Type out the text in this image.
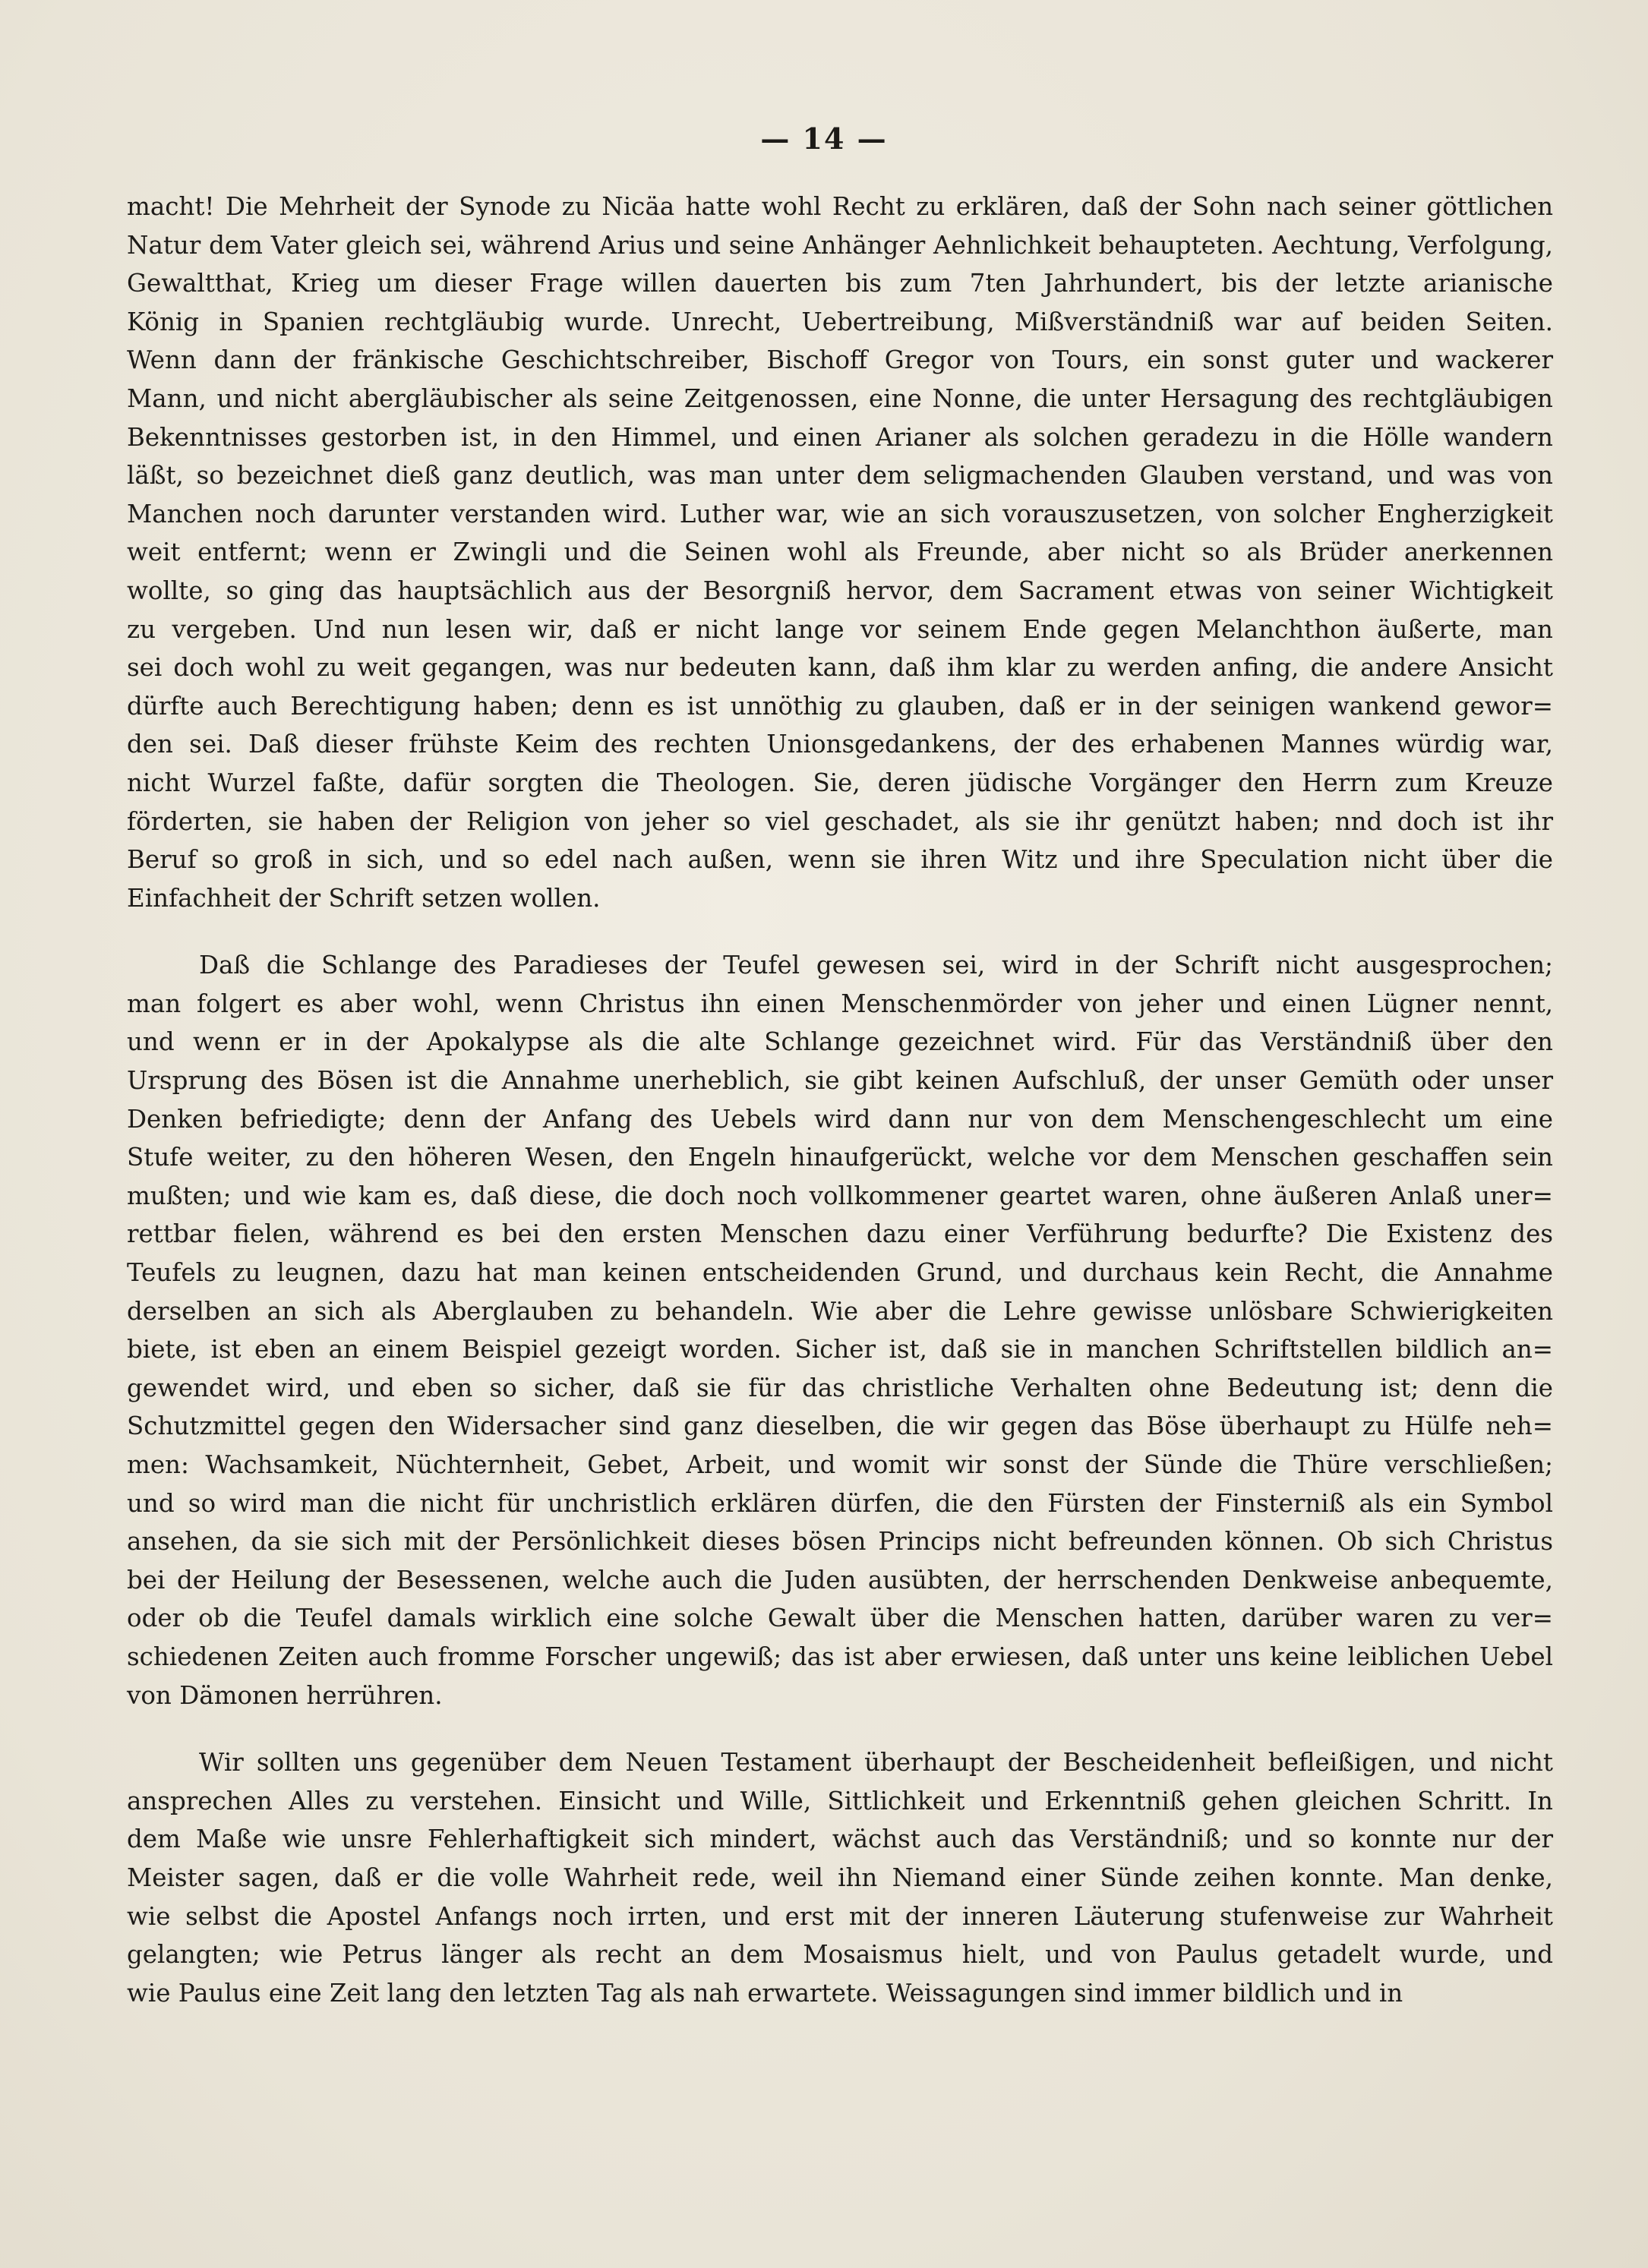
— 14 —
macht! Die Mehrheit der Synode zu Nicäa hatte wohl Recht zu erklären, daß der Sohn nach seiner göttlichen
Natur dem Vater gleich sei, während Arius und seine Anhänger Aehnlichkeit behaupteten. Aechtung, Verfolgung,
Gewaltthat, Krieg um dieser Frage willen dauerten bis zum 7ten Jahrhundert, bis der letzte arianische
König in Spanien rechtgläubig wurde. Unrecht, Uebertreibung, Mißverständniß war auf beiden Seiten.
Wenn dann der fränkische Geschichtschreiber, Bischoff Gregor von Tours, ein sonst guter und wackerer
Mann, und nicht abergläubischer als seine Zeitgenossen, eine Nonne, die unter Hersagung des rechtgläubigen
Bekenntnisses gestorben ist, in den Himmel, und einen Arianer als solchen geradezu in die Hölle wandern
läßt, so bezeichnet dieß ganz deutlich, was man unter dem seligmachenden Glauben verstand, und was von
Manchen noch darunter verstanden wird. Luther war, wie an sich vorauszusetzen, von solcher Engherzigkeit
weit entfernt; wenn er Zwingli und die Seinen wohl als Freunde, aber nicht so als Brüder anerkennen
wollte, so ging das hauptsächlich aus der Besorgniß hervor, dem Sacrament etwas von seiner Wichtigkeit
zu vergeben. Und nun lesen wir, daß er nicht lange vor seinem Ende gegen Melanchthon äußerte, man
sei doch wohl zu weit gegangen, was nur bedeuten kann, daß ihm klar zu werden anfing, die andere Ansicht
dürfte auch Berechtigung haben; denn es ist unnöthig zu glauben, daß er in der seinigen wankend gewor=
den sei. Daß dieser frühste Keim des rechten Unionsgedankens, der des erhabenen Mannes würdig war,
nicht Wurzel faßte, dafür sorgten die Theologen. Sie, deren jüdische Vorgänger den Herrn zum Kreuze
förderten, sie haben der Religion von jeher so viel geschadet, als sie ihr genützt haben; nnd doch ist ihr
Beruf so groß in sich, und so edel nach außen, wenn sie ihren Witz und ihre Speculation nicht über die
Einfachheit der Schrift setzen wollen.
Daß die Schlange des Paradieses der Teufel gewesen sei, wird in der Schrift nicht ausgesprochen;
man folgert es aber wohl, wenn Christus ihn einen Menschenmörder von jeher und einen Lügner nennt,
und wenn er in der Apokalypse als die alte Schlange gezeichnet wird. Für das Verständniß über den
Ursprung des Bösen ist die Annahme unerheblich, sie gibt keinen Aufschluß, der unser Gemüth oder unser
Denken befriedigte; denn der Anfang des Uebels wird dann nur von dem Menschengeschlecht um eine
Stufe weiter, zu den höheren Wesen, den Engeln hinaufgerückt, welche vor dem Menschen geschaffen sein
mußten; und wie kam es, daß diese, die doch noch vollkommener geartet waren, ohne äußeren Anlaß uner=
rettbar fielen, während es bei den ersten Menschen dazu einer Verführung bedurfte? Die Existenz des
Teufels zu leugnen, dazu hat man keinen entscheidenden Grund, und durchaus kein Recht, die Annahme
derselben an sich als Aberglauben zu behandeln. Wie aber die Lehre gewisse unlösbare Schwierigkeiten
biete, ist eben an einem Beispiel gezeigt worden. Sicher ist, daß sie in manchen Schriftstellen bildlich an=
gewendet wird, und eben so sicher, daß sie für das christliche Verhalten ohne Bedeutung ist; denn die
Schutzmittel gegen den Widersacher sind ganz dieselben, die wir gegen das Böse überhaupt zu Hülfe neh=
men: Wachsamkeit, Nüchternheit, Gebet, Arbeit, und womit wir sonst der Sünde die Thüre verschließen;
und so wird man die nicht für unchristlich erklären dürfen, die den Fürsten der Finsterniß als ein Symbol
ansehen, da sie sich mit der Persönlichkeit dieses bösen Princips nicht befreunden können. Ob sich Christus
bei der Heilung der Besessenen, welche auch die Juden ausübten, der herrschenden Denkweise anbequemte,
oder ob die Teufel damals wirklich eine solche Gewalt über die Menschen hatten, darüber waren zu ver=
schiedenen Zeiten auch fromme Forscher ungewiß; das ist aber erwiesen, daß unter uns keine leiblichen Uebel
von Dämonen herrühren.
Wir sollten uns gegenüber dem Neuen Testament überhaupt der Bescheidenheit befleißigen, und nicht
ansprechen Alles zu verstehen. Einsicht und Wille, Sittlichkeit und Erkenntniß gehen gleichen Schritt. In
dem Maße wie unsre Fehlerhaftigkeit sich mindert, wächst auch das Verständniß; und so konnte nur der
Meister sagen, daß er die volle Wahrheit rede, weil ihn Niemand einer Sünde zeihen konnte. Man denke,
wie selbst die Apostel Anfangs noch irrten, und erst mit der inneren Läuterung stufenweise zur Wahrheit
gelangten; wie Petrus länger als recht an dem Mosaismus hielt, und von Paulus getadelt wurde, und
wie Paulus eine Zeit lang den letzten Tag als nah erwartete. Weissagungen sind immer bildlich und in
